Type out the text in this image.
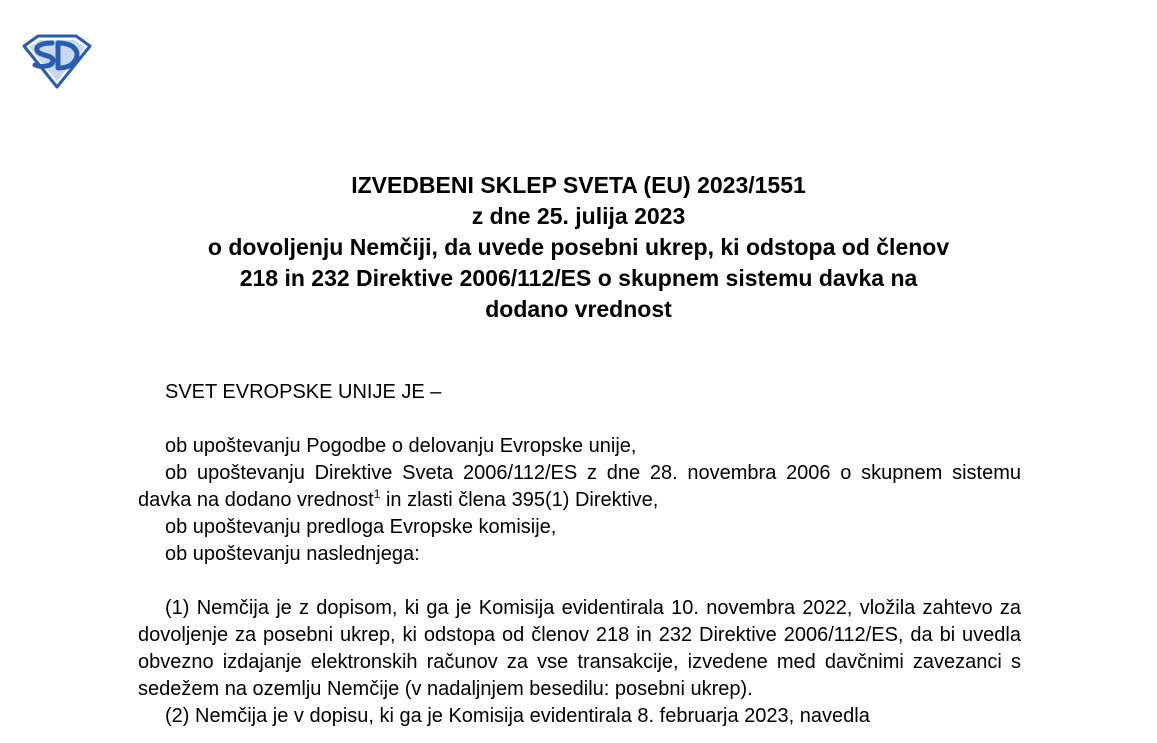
IZVEDBENI SKLEP SVETA (EU) 2023/1551
z dne 25. julija 2023
o dovoljenju Nemčiji, da uvede posebni ukrep, ki odstopa od členov
218 in 232 Direktive 2006/112/ES o skupnem sistemu davka na
dodano vrednost

SVET EVROPSKE UNIJE JE –

ob upoštevanju Pogodbe o delovanju Evropske unije,

ob upoštevanju Direktive Sveta 2006/112/ES z dne 28. novembra 2006 o skupnem sistemu davka na dodano vrednost$^1$ in zlasti člena 395(1) Direktive,

ob upoštevanju predloga Evropske komisije,

ob upoštevanju naslednjega:

(1) Nemčija je z dopisom, ki ga je Komisija evidentirala 10. novembra 2022, vložila zahtevo za dovoljenje za posebni ukrep, ki odstopa od členov 218 in 232 Direktive 2006/112/ES, da bi uvedla obvezno izdajanje elektronskih računov za vse transakcije, izvedene med davčnimi zavezanci s sedežem na ozemlju Nemčije (v nadaljnjem besedilu: posebni ukrep).

(2) Nemčija je v dopisu, ki ga je Komisija evidentirala 8. februarja 2023, navedla
